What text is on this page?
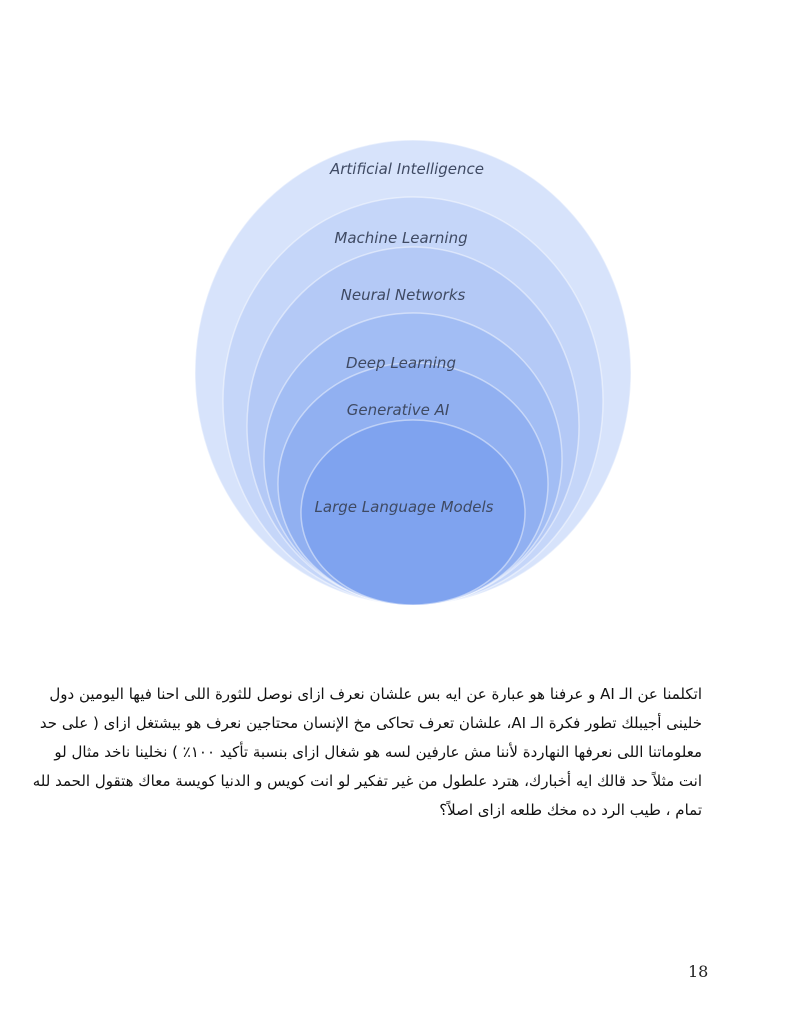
Artificial Intelligence
Machine Learning
Neural Networks
Deep Learning
Generative AI
Large Language Models
اتكلمنا عن الـ AI و عرفنا هو عبارة عن ايه بس علشان نعرف ازاى نوصل للثورة اللى احنا فيها اليومين دول
خلينى أجيبلك تطور فكرة الـ AI، علشان تعرف تحاكى مخ الإنسان محتاجين نعرف هو بيشتغل ازاى ( على حد
معلوماتنا اللى نعرفها النهاردة لأننا مش عارفين لسه هو شغال ازاى بنسبة تأكيد ١٠٠٪ ) نخلينا ناخد مثال لو
انت مثلاً حد قالك ايه أخبارك، هترد علطول من غير تفكير لو انت كويس و الدنيا كويسة معاك هتقول الحمد لله
تمام ، طيب الرد ده مخك طلعه ازاى اصلاً؟
18
